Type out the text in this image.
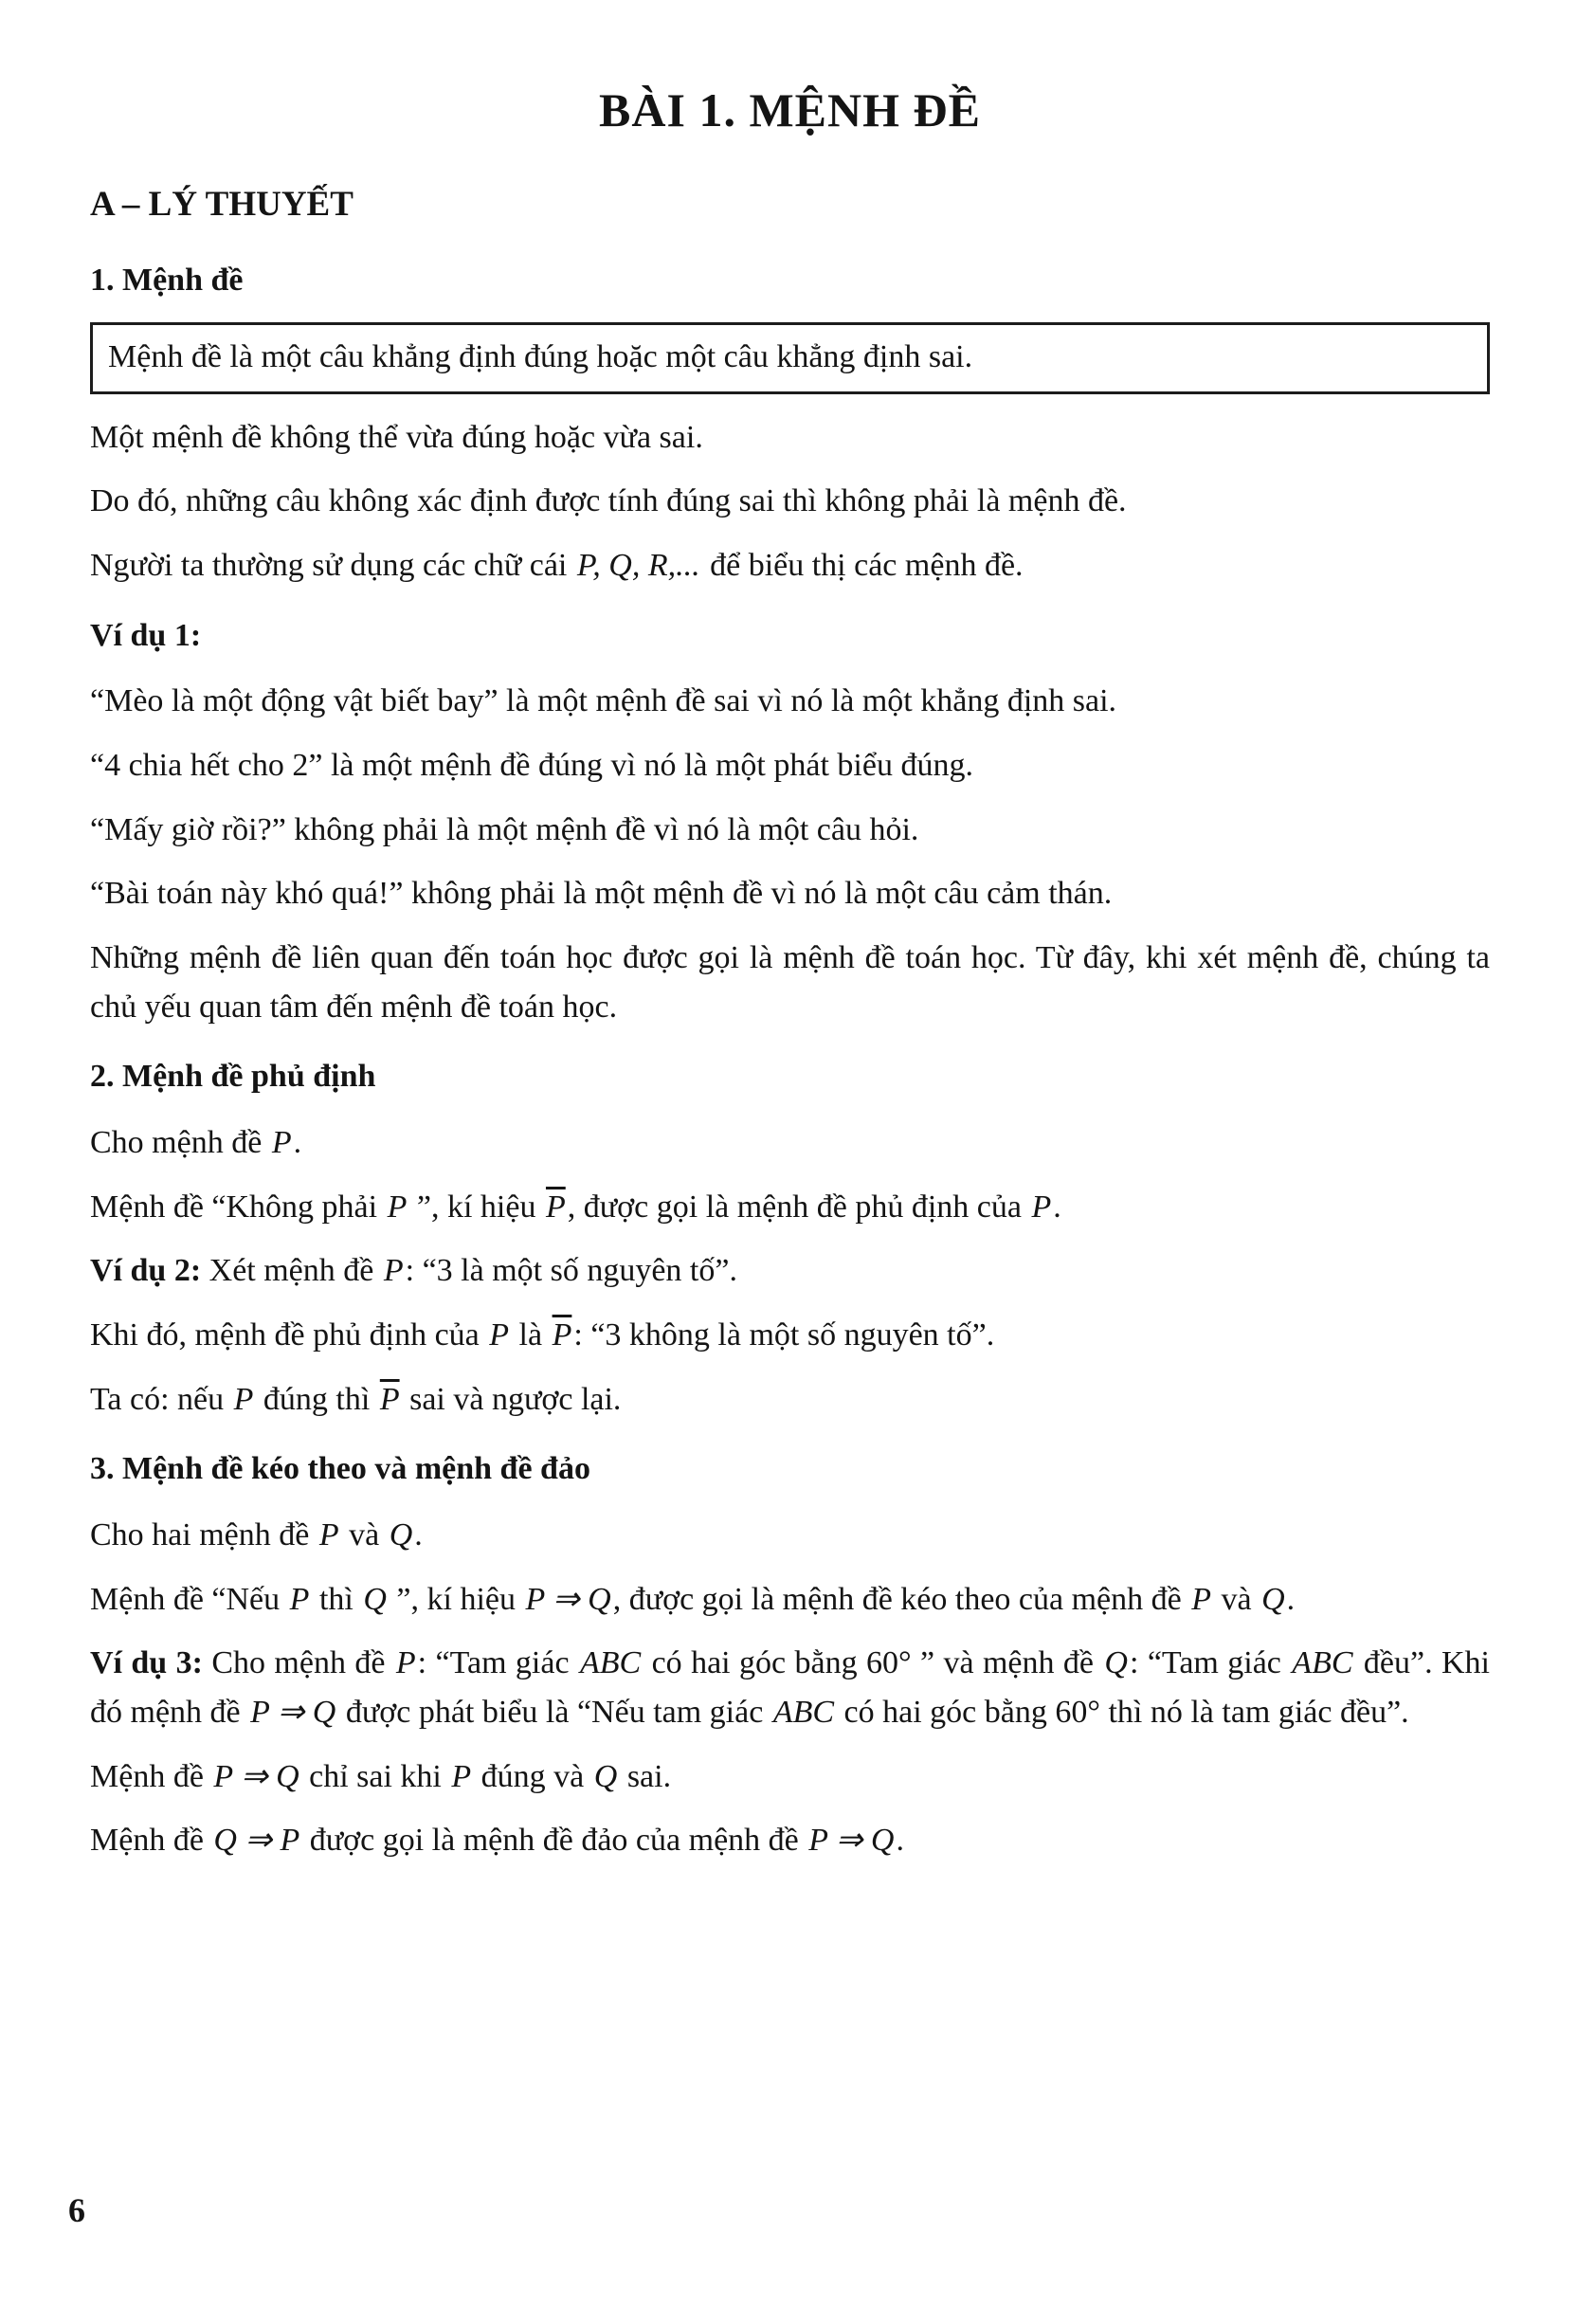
BÀI 1. MỆNH ĐỀ
A – LÝ THUYẾT
1. Mệnh đề
Mệnh đề là một câu khẳng định đúng hoặc một câu khẳng định sai.
Một mệnh đề không thể vừa đúng hoặc vừa sai.
Do đó, những câu không xác định được tính đúng sai thì không phải là mệnh đề.
Người ta thường sử dụng các chữ cái P, Q, R,... để biểu thị các mệnh đề.
Ví dụ 1:
“Mèo là một động vật biết bay” là một mệnh đề sai vì nó là một khẳng định sai.
“4 chia hết cho 2” là một mệnh đề đúng vì nó là một phát biểu đúng.
“Mấy giờ rồi?” không phải là một mệnh đề vì nó là một câu hỏi.
“Bài toán này khó quá!” không phải là một mệnh đề vì nó là một câu cảm thán.
Những mệnh đề liên quan đến toán học được gọi là mệnh đề toán học. Từ đây, khi xét mệnh đề, chúng ta chủ yếu quan tâm đến mệnh đề toán học.
2. Mệnh đề phủ định
Cho mệnh đề P.
Mệnh đề “Không phải P ”, kí hiệu $\overline{P}$, được gọi là mệnh đề phủ định của P.
Ví dụ 2: Xét mệnh đề P: “3 là một số nguyên tố”.
Khi đó, mệnh đề phủ định của P là $\overline{P}$: “3 không là một số nguyên tố”.
Ta có: nếu P đúng thì $\overline{P}$ sai và ngược lại.
3. Mệnh đề kéo theo và mệnh đề đảo
Cho hai mệnh đề P và Q.
Mệnh đề “Nếu P thì Q ”, kí hiệu P ⇒ Q, được gọi là mệnh đề kéo theo của mệnh đề P và Q.
Ví dụ 3: Cho mệnh đề P: “Tam giác ABC có hai góc bằng 60° ” và mệnh đề Q: “Tam giác ABC đều”. Khi đó mệnh đề P ⇒ Q được phát biểu là “Nếu tam giác ABC có hai góc bằng 60° thì nó là tam giác đều”.
Mệnh đề P ⇒ Q chỉ sai khi P đúng và Q sai.
Mệnh đề Q ⇒ P được gọi là mệnh đề đảo của mệnh đề P ⇒ Q.
6
